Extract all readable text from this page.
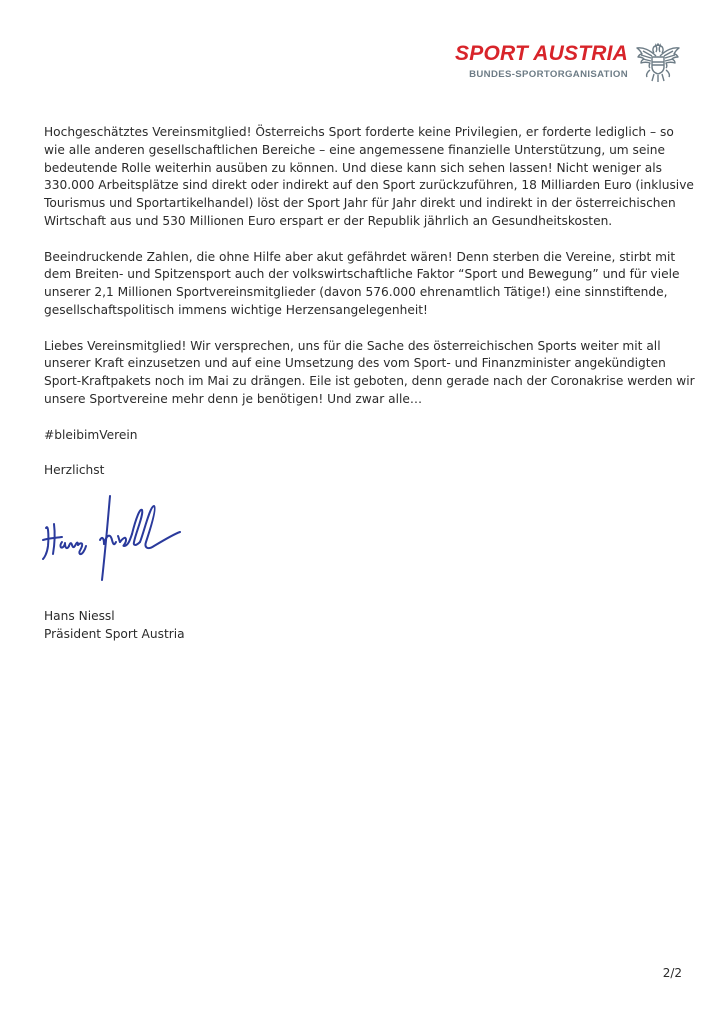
SPORT AUSTRIA
BUNDES-SPORTORGANISATION

Hochgeschätztes Vereinsmitglied! Österreichs Sport forderte keine Privilegien, er forderte lediglich – so
wie alle anderen gesellschaftlichen Bereiche – eine angemessene finanzielle Unterstützung, um seine
bedeutende Rolle weiterhin ausüben zu können. Und diese kann sich sehen lassen! Nicht weniger als
330.000 Arbeitsplätze sind direkt oder indirekt auf den Sport zurückzuführen, 18 Milliarden Euro (inklusive
Tourismus und Sportartikelhandel) löst der Sport Jahr für Jahr direkt und indirekt in der österreichischen
Wirtschaft aus und 530 Millionen Euro erspart er der Republik jährlich an Gesundheitskosten.

Beeindruckende Zahlen, die ohne Hilfe aber akut gefährdet wären! Denn sterben die Vereine, stirbt mit
dem Breiten- und Spitzensport auch der volkswirtschaftliche Faktor “Sport und Bewegung” und für viele
unserer 2,1 Millionen Sportvereinsmitglieder (davon 576.000 ehrenamtlich Tätige!) eine sinnstiftende,
gesellschaftspolitisch immens wichtige Herzensangelegenheit!

Liebes Vereinsmitglied! Wir versprechen, uns für die Sache des österreichischen Sports weiter mit all
unserer Kraft einzusetzen und auf eine Umsetzung des vom Sport- und Finanzminister angekündigten
Sport-Kraftpakets noch im Mai zu drängen. Eile ist geboten, denn gerade nach der Coronakrise werden wir
unsere Sportvereine mehr denn je benötigen! Und zwar alle…

#bleibimVerein

Herzlichst

Hans Niessl
Präsident Sport Austria
2/2
